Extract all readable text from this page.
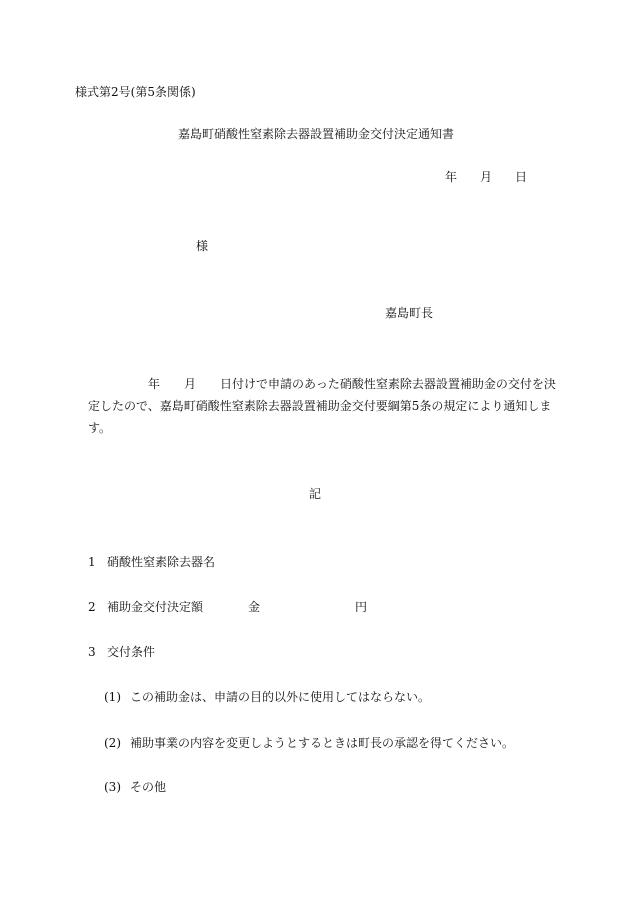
様式第2号(第5条関係)
嘉島町硝酸性窒素除去器設置補助金交付決定通知書
年 月 日
様
嘉島町長
年 月 日付けで申請のあった硝酸性窒素除去器設置補助金の交付を決定したので、嘉島町硝酸性窒素除去器設置補助金交付要綱第5条の規定により通知します。
記
1 硝酸性窒素除去器名
2 補助金交付決定額	金	円
3 交付条件
(1) この補助金は、申請の目的以外に使用してはならない。
(2) 補助事業の内容を変更しようとするときは町長の承認を得てください。
(3) その他
